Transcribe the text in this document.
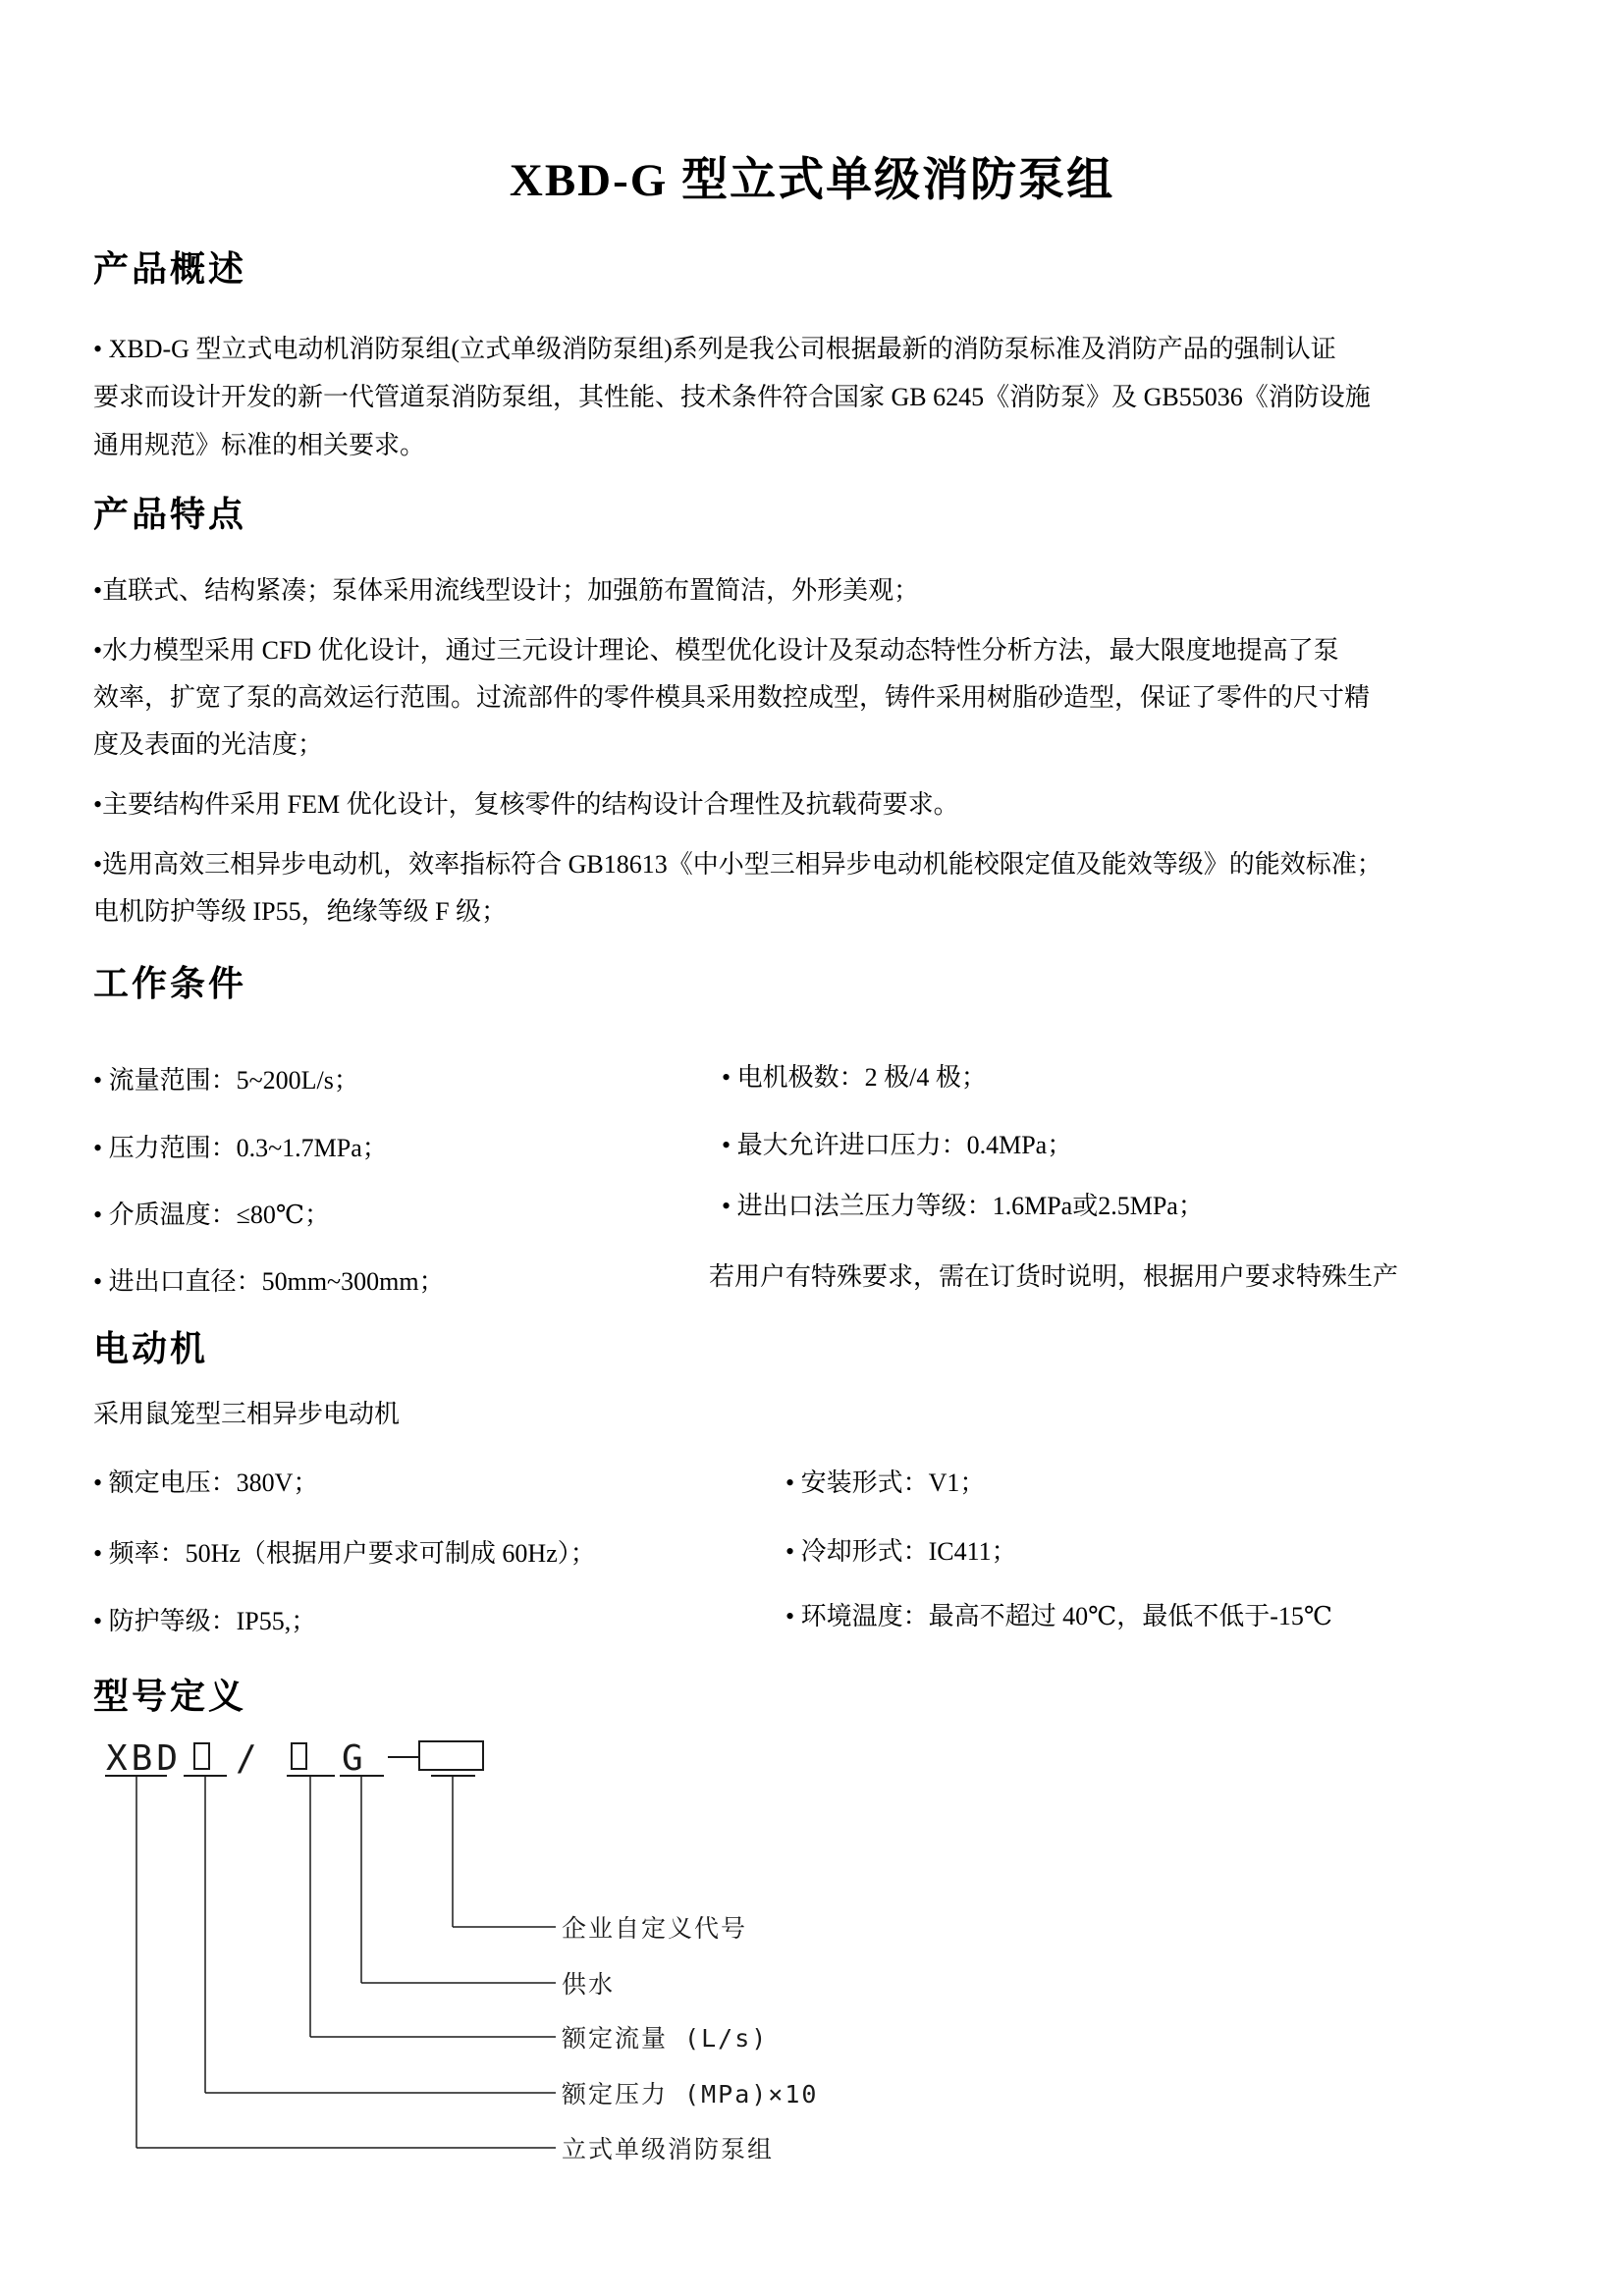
XBD-G 型立式单级消防泵组
产品概述
• XBD-G 型立式电动机消防泵组(立式单级消防泵组)系列是我公司根据最新的消防泵标准及消防产品的强制认证
要求而设计开发的新一代管道泵消防泵组，其性能、技术条件符合国家 GB 6245《消防泵》及 GB55036《消防设施
通用规范》标准的相关要求。
产品特点
•直联式、结构紧凑；泵体采用流线型设计；加强筋布置简洁，外形美观；
•水力模型采用 CFD 优化设计，通过三元设计理论、模型优化设计及泵动态特性分析方法，最大限度地提高了泵
效率，扩宽了泵的高效运行范围。过流部件的零件模具采用数控成型，铸件采用树脂砂造型，保证了零件的尺寸精
度及表面的光洁度；
•主要结构件采用 FEM 优化设计，复核零件的结构设计合理性及抗载荷要求。
•选用高效三相异步电动机，效率指标符合 GB18613《中小型三相异步电动机能校限定值及能效等级》的能效标准；
电机防护等级 IP55，绝缘等级 F 级；
工作条件
• 流量范围：5~200L/s；
• 压力范围：0.3~1.7MPa；
• 介质温度：≤80℃；
• 进出口直径：50mm~300mm；
• 电机极数：2 极/4 极；
• 最大允许进口压力：0.4MPa；
• 进出口法兰压力等级：1.6MPa或2.5MPa；
若用户有特殊要求，需在订货时说明，根据用户要求特殊生产
电动机
采用鼠笼型三相异步电动机
• 额定电压：380V；
• 频率：50Hz（根据用户要求可制成 60Hz）；
• 防护等级：IP55,；
• 安装形式：V1；
• 冷却形式：IC411；
• 环境温度：最高不超过 40℃，最低不低于-15℃
型号定义
XBD / G
企业自定义代号
供水
额定流量 (L/s)
额定压力 (MPa)×10
立式单级消防泵组
